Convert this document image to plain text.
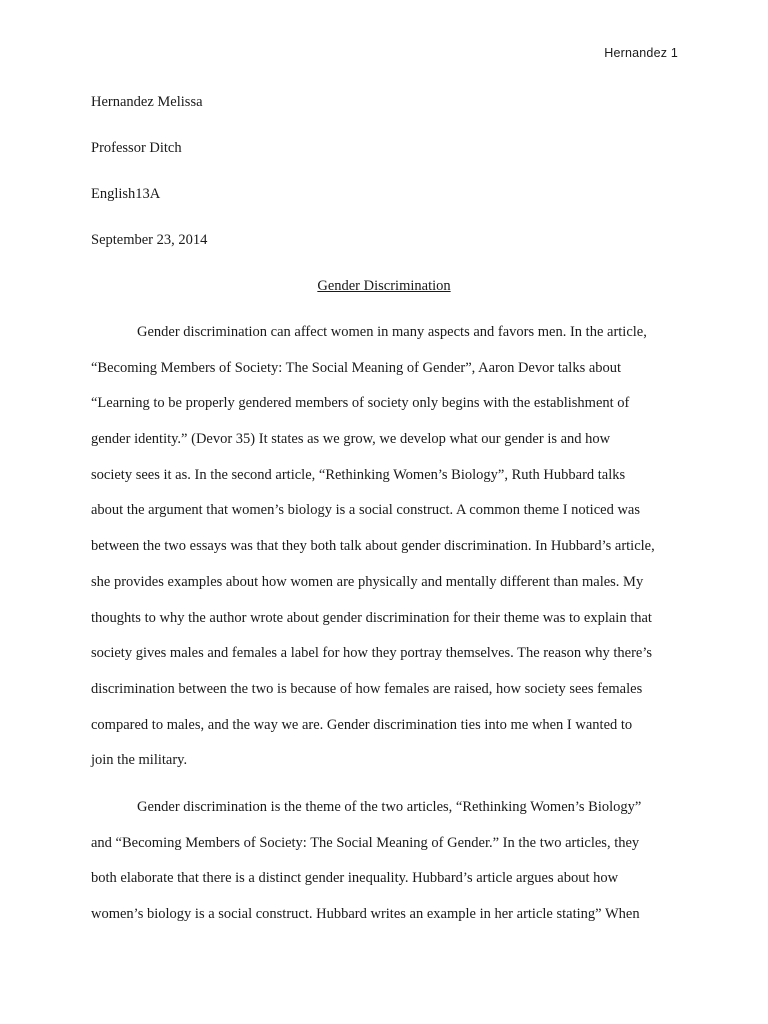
Hernandez 1
Hernandez Melissa
Professor Ditch
English13A
September 23, 2014
Gender Discrimination
Gender discrimination can affect women in many aspects and favors men. In the article,
“Becoming Members of Society: The Social Meaning of Gender”, Aaron Devor talks about
“Learning to be properly gendered members of society only begins with the establishment of
gender identity.” (Devor 35) It states as we grow, we develop what our gender is and how
society sees it as. In the second article, “Rethinking Women’s Biology”, Ruth Hubbard talks
about the argument that women’s biology is a social construct. A common theme I noticed was
between the two essays was that they both talk about gender discrimination. In Hubbard’s article,
she provides examples about how women are physically and mentally different than males. My
thoughts to why the author wrote about gender discrimination for their theme was to explain that
society gives males and females a label for how they portray themselves. The reason why there’s
discrimination between the two is because of how females are raised, how society sees females
compared to males, and the way we are. Gender discrimination ties into me when I wanted to
join the military.
Gender discrimination is the theme of the two articles, “Rethinking Women’s Biology”
and “Becoming Members of Society: The Social Meaning of Gender.” In the two articles, they
both elaborate that there is a distinct gender inequality. Hubbard’s article argues about how
women’s biology is a social construct. Hubbard writes an example in her article stating” When
